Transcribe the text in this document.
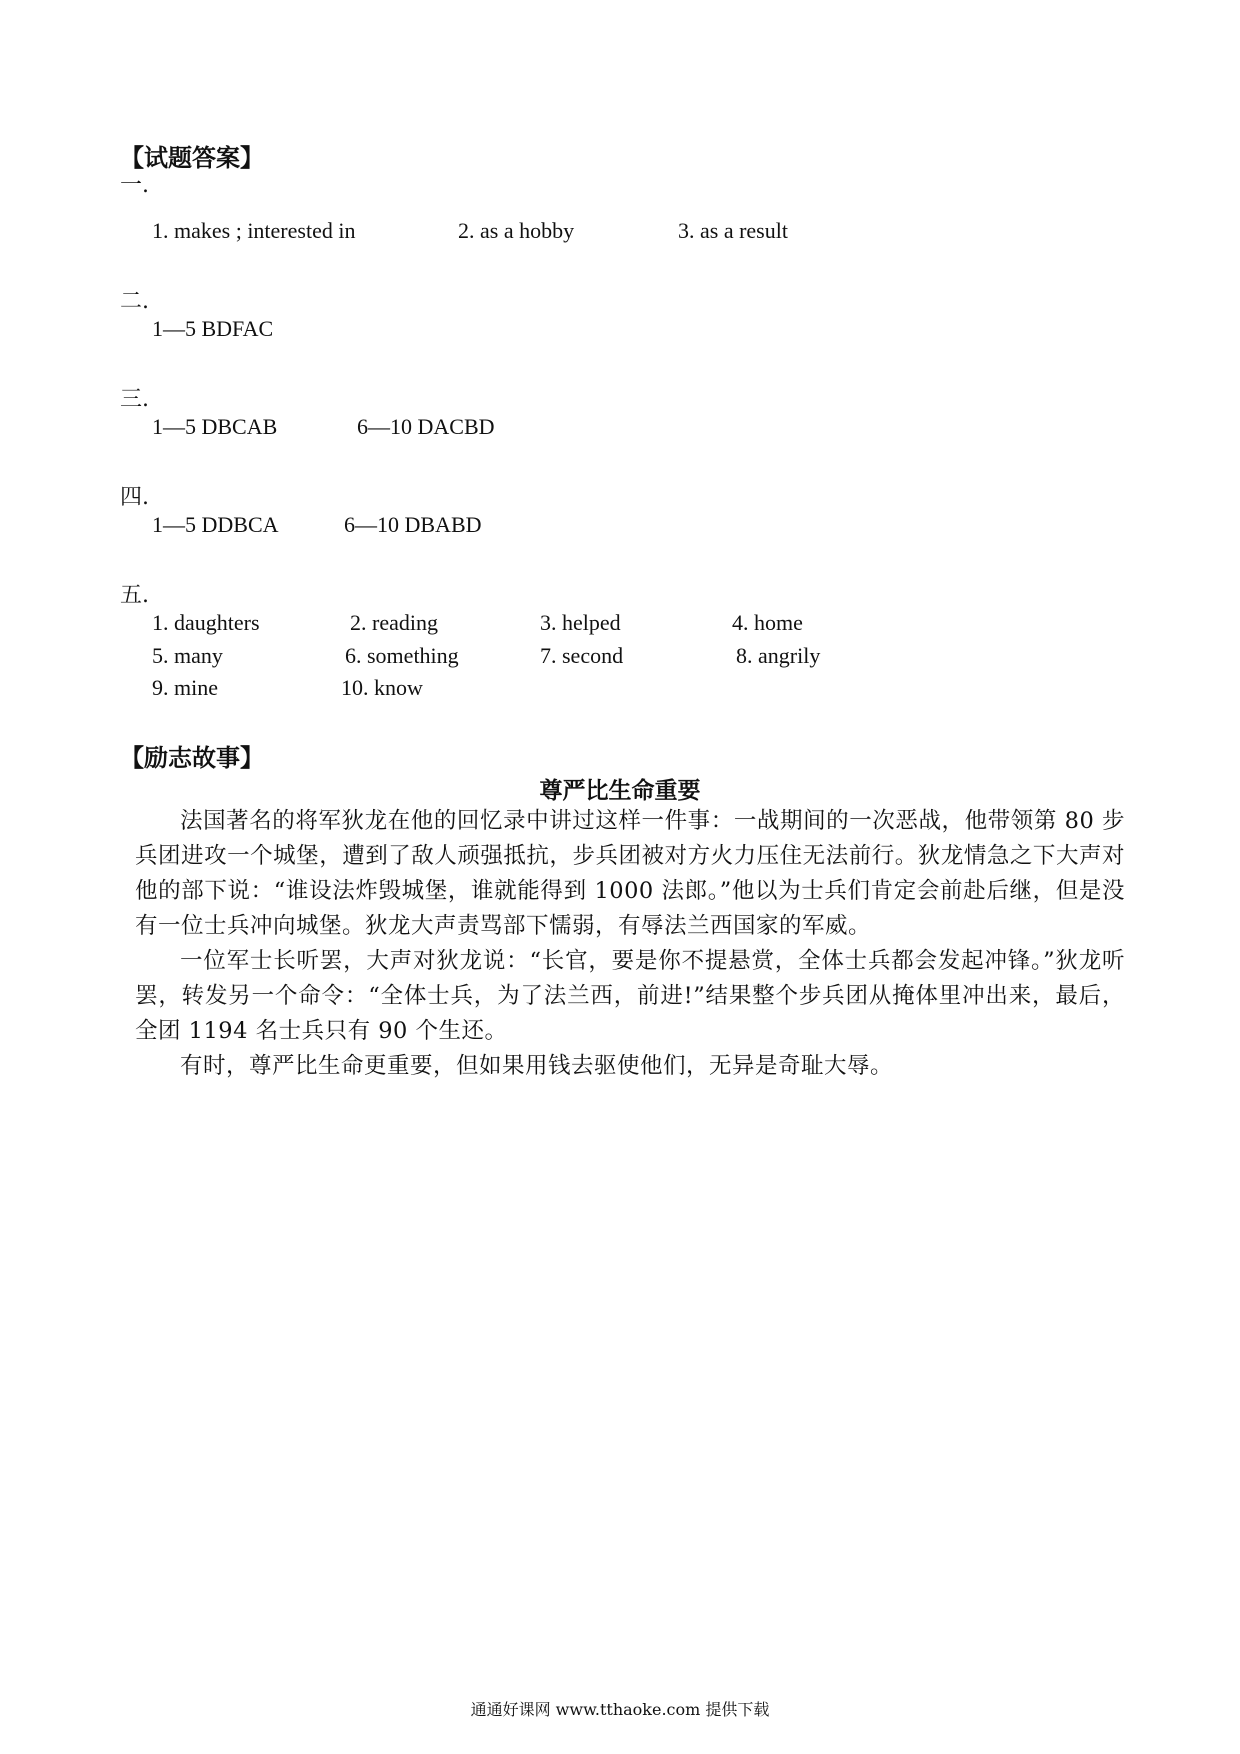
【试题答案】
一.
1. makes ; interested in	2. as a hobby	3. as a result
二.
1—5 BDFAC
三.
1—5 DBCAB	6—10 DACBD
四.
1—5 DDBCA	6—10 DBABD
五.
1. daughters	2. reading	3. helped	4. home
5. many	6. something	7. second	8. angrily
9. mine	10. know
【励志故事】
尊严比生命重要
法国著名的将军狄龙在他的回忆录中讲过这样一件事：一战期间的一次恶战，他带领第 80 步兵团进攻一个城堡，遭到了敌人顽强抵抗，步兵团被对方火力压住无法前行。狄龙情急之下大声对他的部下说：“谁设法炸毁城堡，谁就能得到 1000 法郎。”他以为士兵们肯定会前赴后继，但是没有一位士兵冲向城堡。狄龙大声责骂部下懦弱，有辱法兰西国家的军威。
一位军士长听罢，大声对狄龙说：“长官，要是你不提悬赏，全体士兵都会发起冲锋。”狄龙听罢，转发另一个命令：“全体士兵，为了法兰西，前进!”结果整个步兵团从掩体里冲出来，最后，全团 1194 名士兵只有 90 个生还。
有时，尊严比生命更重要，但如果用钱去驱使他们，无异是奇耻大辱。
通通好课网 www.tthaoke.com 提供下载
